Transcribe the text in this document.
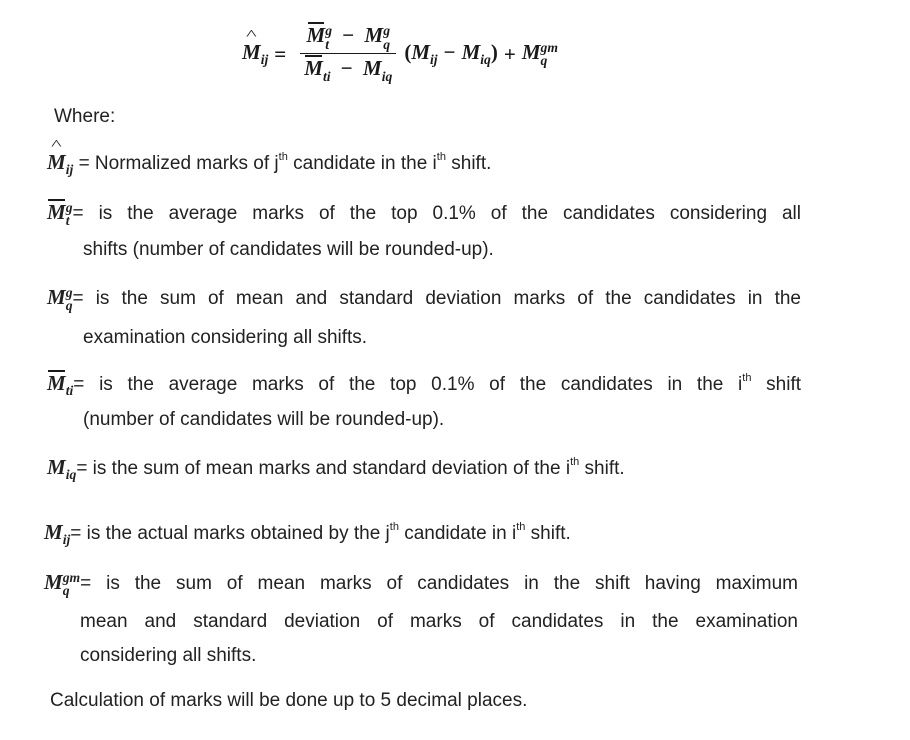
^ $M_{ij} = M$ g
t − M g
q
$M_{ti} - M_{iq}$ $(M_{ij} - M_{iq}) + M$ gm
q
Where:
^ $M_{ij}$ = Normalized marks of $j^{th}$ candidate in the $i^{th}$ shift.
M g
t = is the average marks of the top 0.1% of the candidates considering all
shifts (number of candidates will be rounded-up).
M g
q = is the sum of mean and standard deviation marks of the candidates in the
examination considering all shifts.
$M_{ti}=$ is the average marks of the top 0.1% of the candidates in the $i^{th}$ shift
(number of candidates will be rounded-up).
$M_{iq}=$ is the sum of mean marks and standard deviation of the $i^{th}$ shift.
$M_{ij}=$ is the actual marks obtained by the $j^{th}$ candidate in $i^{th}$ shift.
M gm
q = is the sum of mean marks of candidates in the shift having maximum
mean and standard deviation of marks of candidates in the examination
considering all shifts.
Calculation of marks will be done up to 5 decimal places.
